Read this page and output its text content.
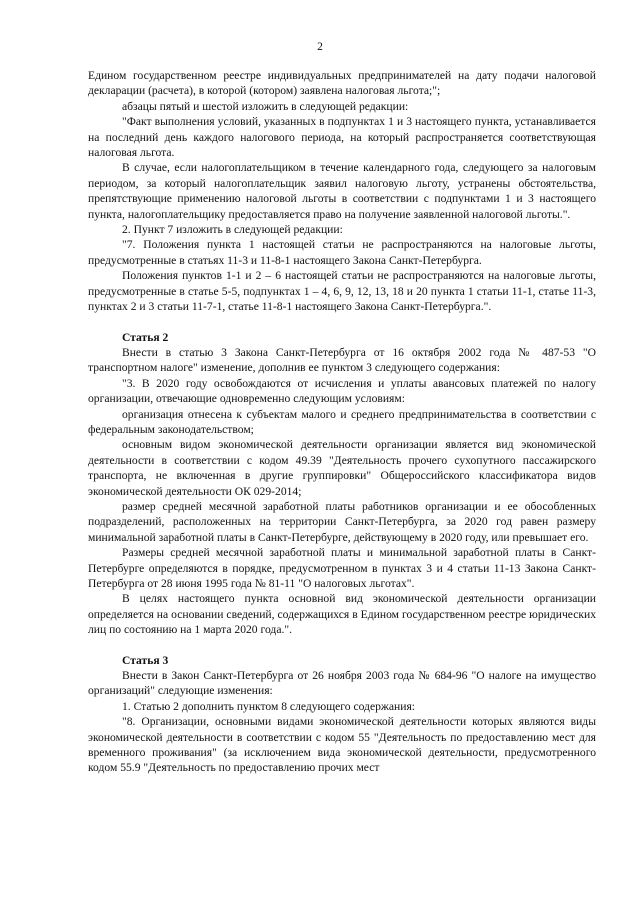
2

Едином государственном реестре индивидуальных предпринимателей на дату подачи налоговой декларации (расчета), в которой (котором) заявлена налоговая льгота;";

абзацы пятый и шестой изложить в следующей редакции:

"Факт выполнения условий, указанных в подпунктах 1 и 3 настоящего пункта, устанавливается на последний день каждого налогового периода, на который распространяется соответствующая налоговая льгота.

В случае, если налогоплательщиком в течение календарного года, следующего за налоговым периодом, за который налогоплательщик заявил налоговую льготу, устранены обстоятельства, препятствующие применению налоговой льготы в соответствии с подпунктами 1 и 3 настоящего пункта, налогоплательщику предоставляется право на получение заявленной налоговой льготы.".

2. Пункт 7 изложить в следующей редакции:

"7. Положения пункта 1 настоящей статьи не распространяются на налоговые льготы, предусмотренные в статьях 11-3 и 11-8-1 настоящего Закона Санкт-Петербурга.

Положения пунктов 1-1 и 2 – 6 настоящей статьи не распространяются на налоговые льготы, предусмотренные в статье 5-5, подпунктах 1 – 4, 6, 9, 12, 13, 18 и 20 пункта 1 статьи 11-1, статье 11-3, пунктах 2 и 3 статьи 11-7-1, статье 11-8-1 настоящего Закона Санкт-Петербурга.".

Статья 2

Внести в статью 3 Закона Санкт-Петербурга от 16 октября 2002 года № 487-53 "О транспортном налоге" изменение, дополнив ее пунктом 3 следующего содержания:

"3. В 2020 году освобождаются от исчисления и уплаты авансовых платежей по налогу организации, отвечающие одновременно следующим условиям:

организация отнесена к субъектам малого и среднего предпринимательства в соответствии с федеральным законодательством;

основным видом экономической деятельности организации является вид экономической деятельности в соответствии с кодом 49.39 "Деятельность прочего сухопутного пассажирского транспорта, не включенная в другие группировки" Общероссийского классификатора видов экономической деятельности ОК 029-2014;

размер средней месячной заработной платы работников организации и ее обособленных подразделений, расположенных на территории Санкт-Петербурга, за 2020 год равен размеру минимальной заработной платы в Санкт-Петербурге, действующему в 2020 году, или превышает его.

Размеры средней месячной заработной платы и минимальной заработной платы в Санкт-Петербурге определяются в порядке, предусмотренном в пунктах 3 и 4 статьи 11-13 Закона Санкт-Петербурга от 28 июня 1995 года № 81-11 "О налоговых льготах".

В целях настоящего пункта основной вид экономической деятельности организации определяется на основании сведений, содержащихся в Едином государственном реестре юридических лиц по состоянию на 1 марта 2020 года.".

Статья 3

Внести в Закон Санкт-Петербурга от 26 ноября 2003 года № 684-96 "О налоге на имущество организаций" следующие изменения:

1. Статью 2 дополнить пунктом 8 следующего содержания:

"8. Организации, основными видами экономической деятельности которых являются виды экономической деятельности в соответствии с кодом 55 "Деятельность по предоставлению мест для временного проживания" (за исключением вида экономической деятельности, предусмотренного кодом 55.9 "Деятельность по предоставлению прочих мест
